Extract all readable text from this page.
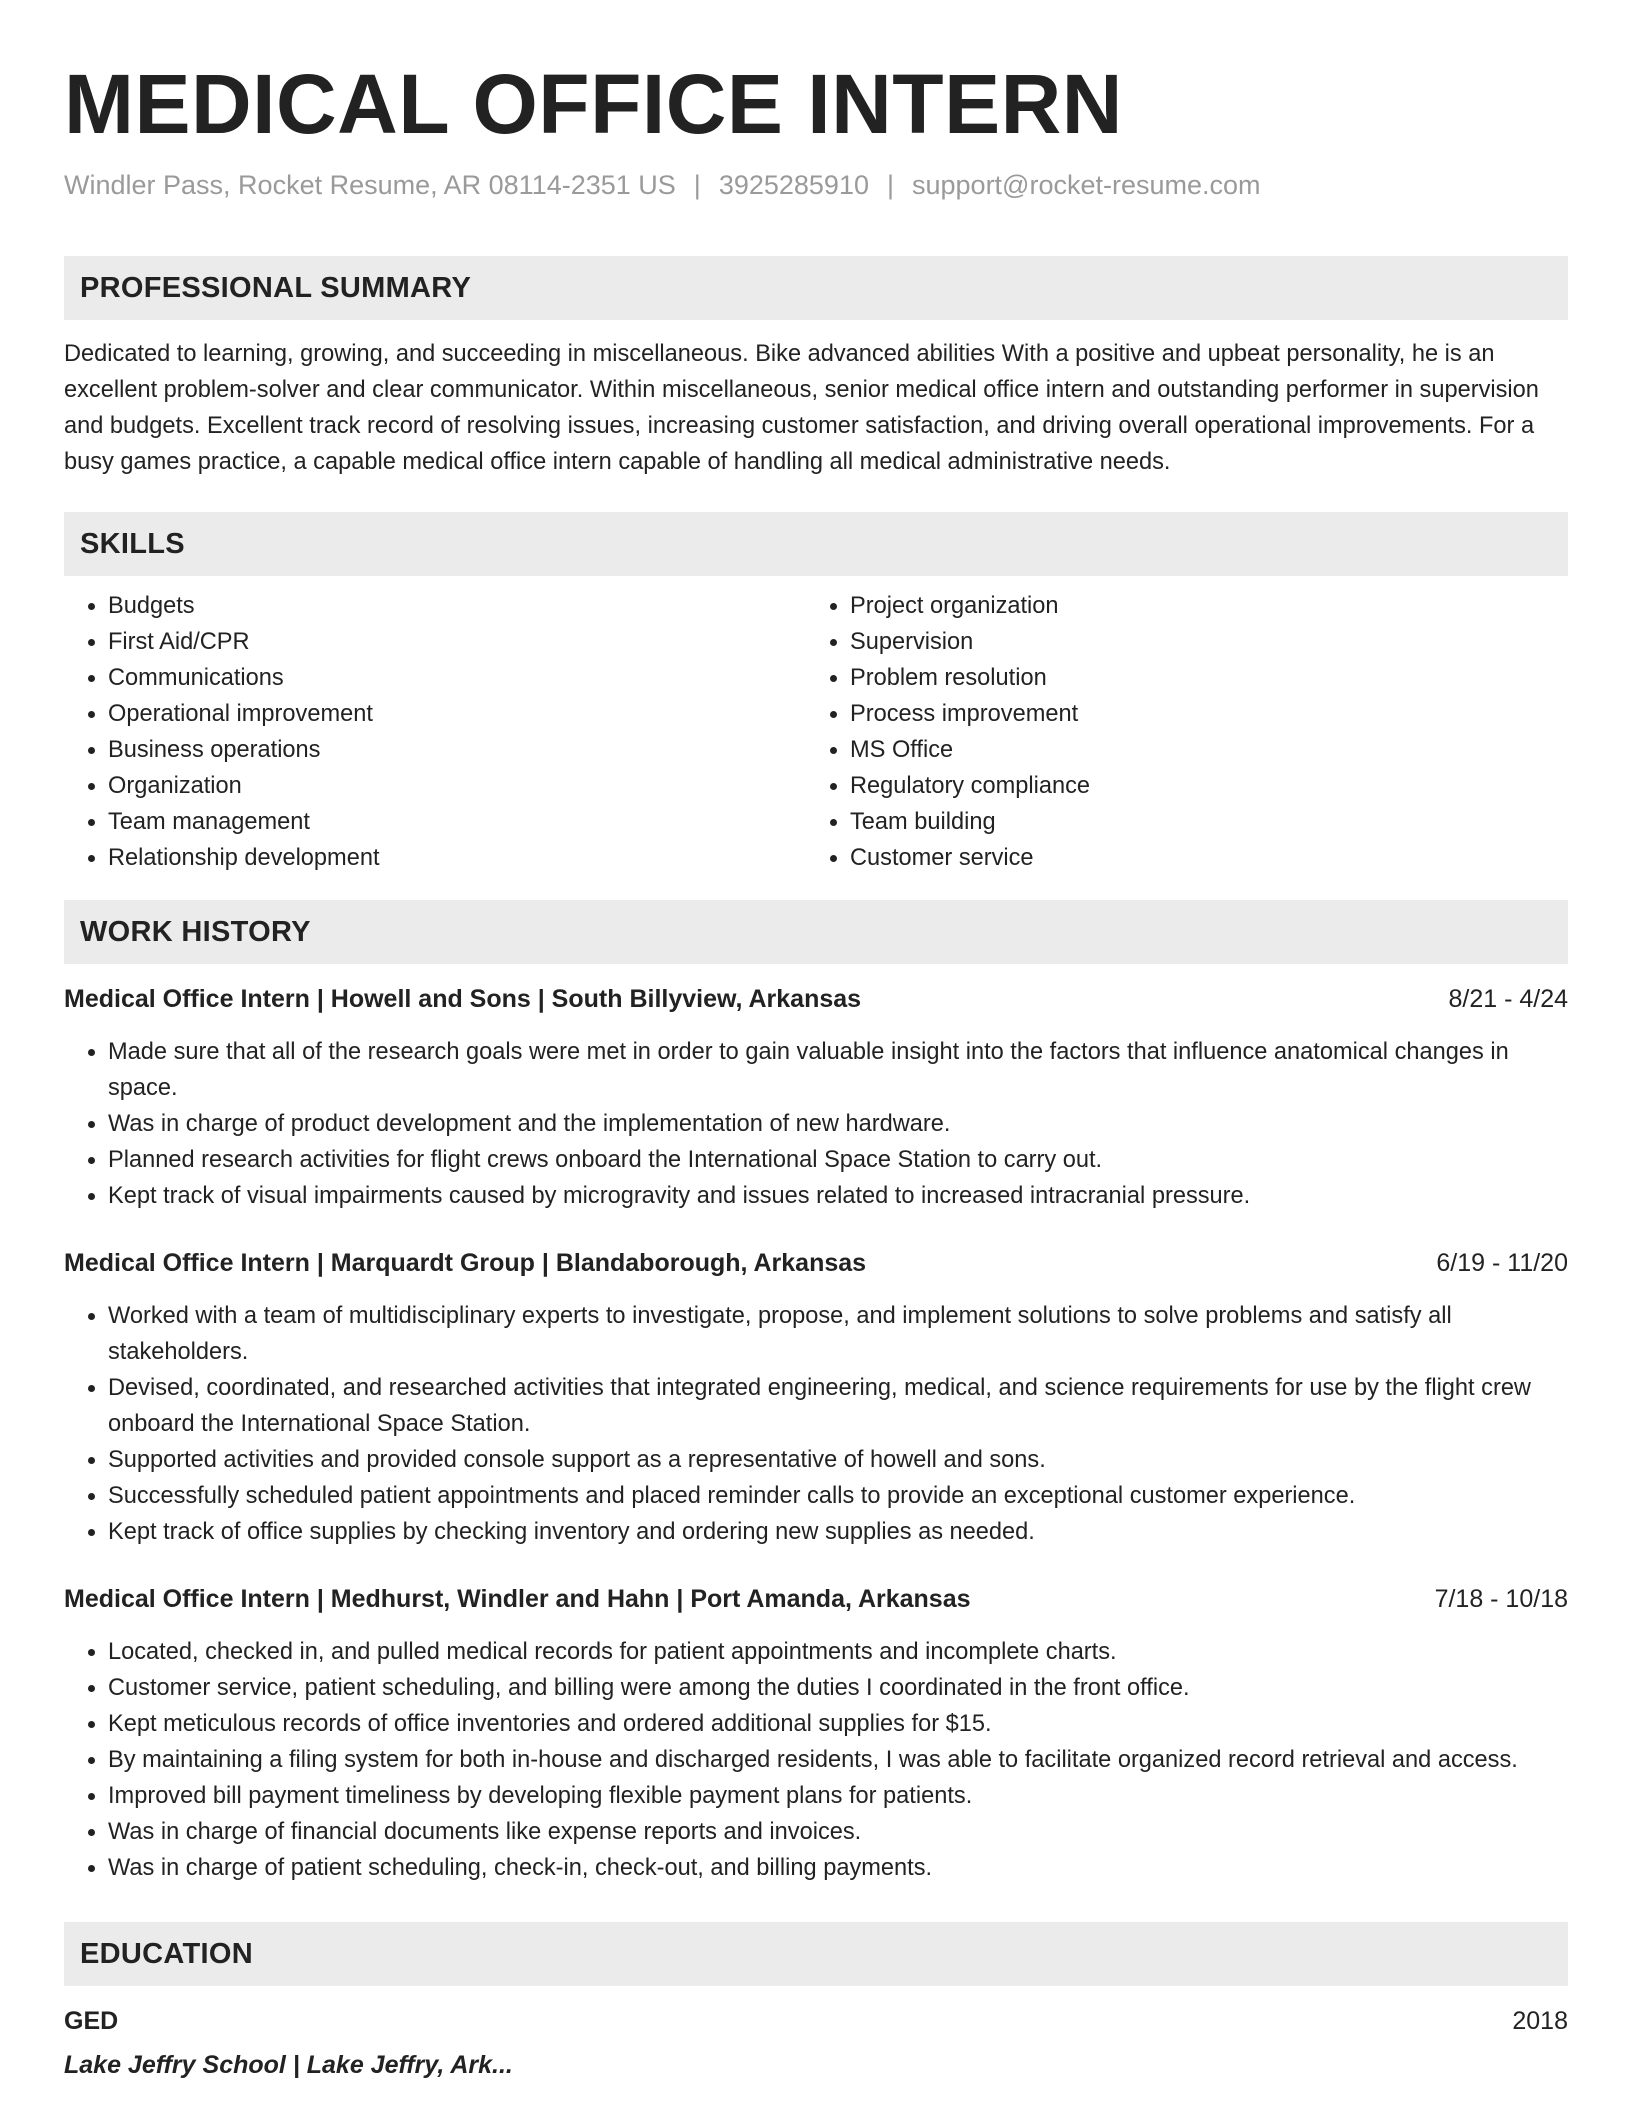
MEDICAL OFFICE INTERN
Windler Pass, Rocket Resume, AR 08114-2351 US | 3925285910 | support@rocket-resume.com
PROFESSIONAL SUMMARY

Dedicated to learning, growing, and succeeding in miscellaneous. Bike advanced abilities With a positive and upbeat personality, he is an excellent problem-solver and clear communicator. Within miscellaneous, senior medical office intern and outstanding performer in supervision and budgets. Excellent track record of resolving issues, increasing customer satisfaction, and driving overall operational improvements. For a busy games practice, a capable medical office intern capable of handling all medical administrative needs.

SKILLS
• Budgets
• First Aid/CPR
• Communications
• Operational improvement
• Business operations
• Organization
• Team management
• Relationship development
• Project organization
• Supervision
• Problem resolution
• Process improvement
• MS Office
• Regulatory compliance
• Team building
• Customer service
WORK HISTORY
Medical Office Intern | Howell and Sons | South Billyview, Arkansas	8/21 - 4/24
• Made sure that all of the research goals were met in order to gain valuable insight into the factors that influence anatomical changes in space.
• Was in charge of product development and the implementation of new hardware.
• Planned research activities for flight crews onboard the International Space Station to carry out.
• Kept track of visual impairments caused by microgravity and issues related to increased intracranial pressure.
Medical Office Intern | Marquardt Group | Blandaborough, Arkansas	6/19 - 11/20
• Worked with a team of multidisciplinary experts to investigate, propose, and implement solutions to solve problems and satisfy all stakeholders.
• Devised, coordinated, and researched activities that integrated engineering, medical, and science requirements for use by the flight crew onboard the International Space Station.
• Supported activities and provided console support as a representative of howell and sons.
• Successfully scheduled patient appointments and placed reminder calls to provide an exceptional customer experience.
• Kept track of office supplies by checking inventory and ordering new supplies as needed.
Medical Office Intern | Medhurst, Windler and Hahn | Port Amanda, Arkansas	7/18 - 10/18
• Located, checked in, and pulled medical records for patient appointments and incomplete charts.
• Customer service, patient scheduling, and billing were among the duties I coordinated in the front office.
• Kept meticulous records of office inventories and ordered additional supplies for $15.
• By maintaining a filing system for both in-house and discharged residents, I was able to facilitate organized record retrieval and access.
• Improved bill payment timeliness by developing flexible payment plans for patients.
• Was in charge of financial documents like expense reports and invoices.
• Was in charge of patient scheduling, check-in, check-out, and billing payments.
EDUCATION
GED	2018
Lake Jeffry School | Lake Jeffry, Ark...
